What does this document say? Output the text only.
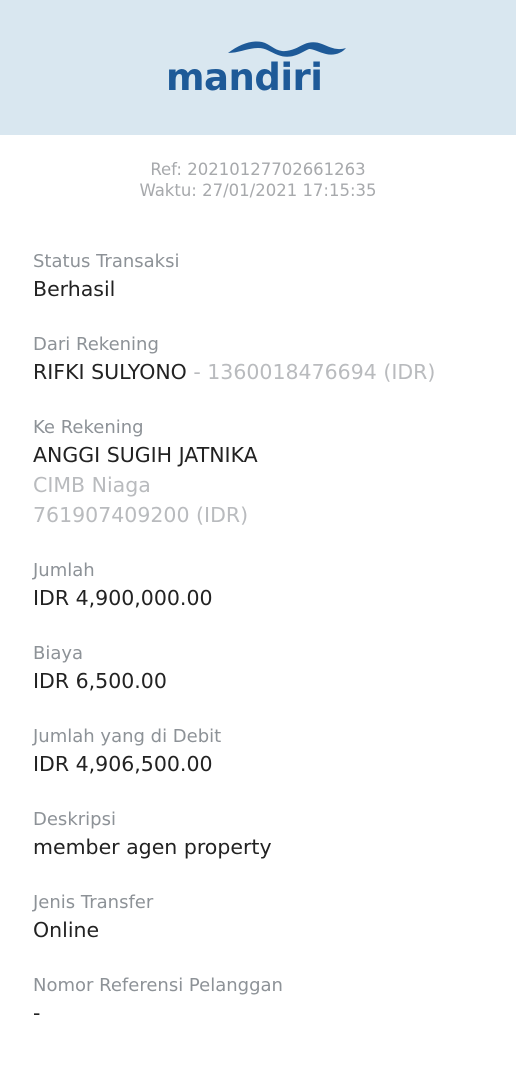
mandiri
Ref: 20210127702661263
Waktu: 27/01/2021 17:15:35
Status Transaksi
Berhasil
Dari Rekening
RIFKI SULYONO - 1360018476694 (IDR)
Ke Rekening
ANGGI SUGIH JATNIKA
CIMB Niaga
761907409200 (IDR)
Jumlah
IDR 4,900,000.00
Biaya
IDR 6,500.00
Jumlah yang di Debit
IDR 4,906,500.00
Deskripsi
member agen property
Jenis Transfer
Online
Nomor Referensi Pelanggan
-
